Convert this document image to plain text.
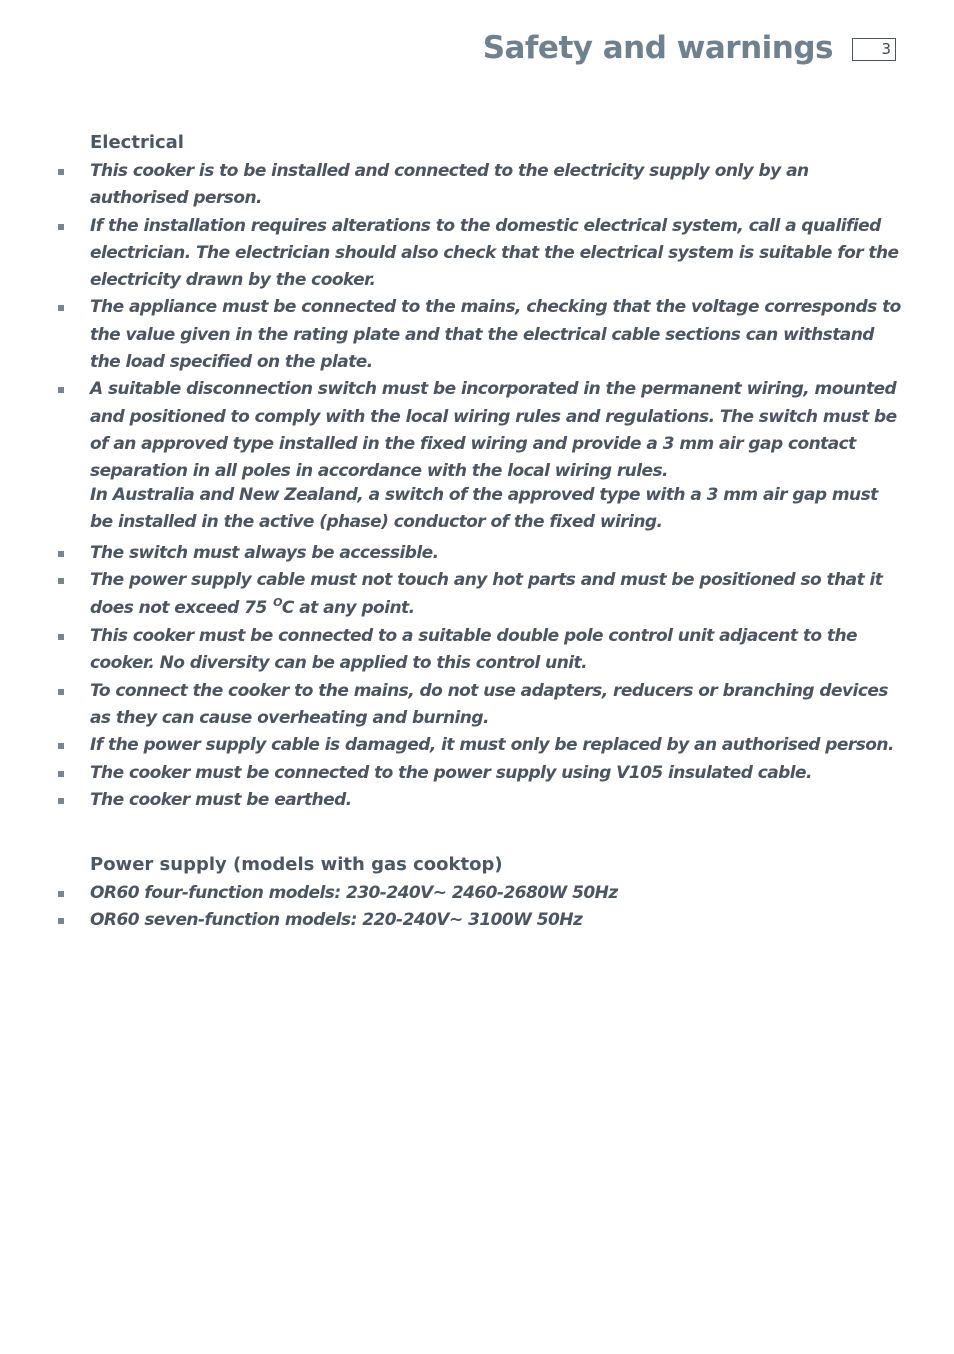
Safety and warnings	3
Electrical
This cooker is to be installed and connected to the electricity supply only by an authorised person.
If the installation requires alterations to the domestic electrical system, call a qualified electrician. The electrician should also check that the electrical system is suitable for the electricity drawn by the cooker.
The appliance must be connected to the mains, checking that the voltage corresponds to the value given in the rating plate and that the electrical cable sections can withstand the load specified on the plate.
A suitable disconnection switch must be incorporated in the permanent wiring, mounted and positioned to comply with the local wiring rules and regulations. The switch must be of an approved type installed in the fixed wiring and provide a 3 mm air gap contact separation in all poles in accordance with the local wiring rules.
In Australia and New Zealand, a switch of the approved type with a 3 mm air gap must be installed in the active (phase) conductor of the fixed wiring.
The switch must always be accessible.
The power supply cable must not touch any hot parts and must be positioned so that it does not exceed 75 $^O$C at any point.
This cooker must be connected to a suitable double pole control unit adjacent to the cooker. No diversity can be applied to this control unit.
To connect the cooker to the mains, do not use adapters, reducers or branching devices as they can cause overheating and burning.
If the power supply cable is damaged, it must only be replaced by an authorised person.
The cooker must be connected to the power supply using V105 insulated cable.
The cooker must be earthed.
Power supply (models with gas cooktop)
OR60 four-function models: 230-240V~ 2460-2680W 50Hz
OR60 seven-function models: 220-240V~ 3100W 50Hz
